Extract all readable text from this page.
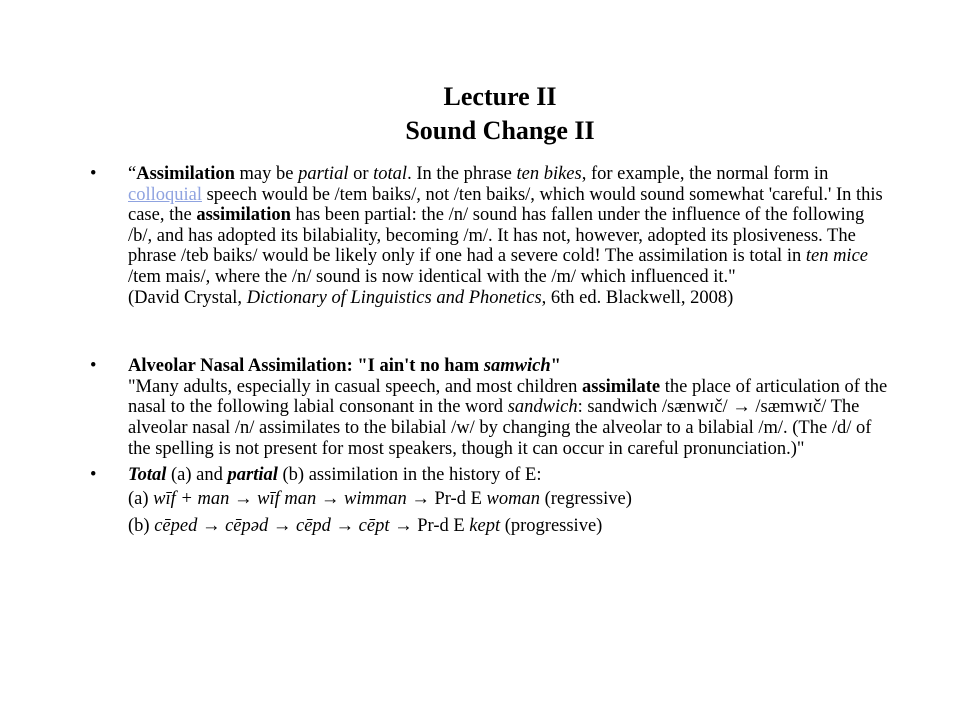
Lecture II
Sound Change II
• “Assimilation may be partial or total. In the phrase ten bikes, for example, the normal form in colloquial speech would be /tem baiks/, not /ten baiks/, which would sound somewhat 'careful.' In this case, the assimilation has been partial: the /n/ sound has fallen under the influence of the following /b/, and has adopted its bilabiality, becoming /m/. It has not, however, adopted its plosiveness. The phrase /teb baiks/ would be likely only if one had a severe cold! The assimilation is total in ten mice /tem mais/, where the /n/ sound is now identical with the /m/ which influenced it."

(David Crystal, Dictionary of Linguistics and Phonetics, 6th ed. Blackwell, 2008)

• Alveolar Nasal Assimilation: "I ain't no ham samwich"

"Many adults, especially in casual speech, and most children assimilate the place of articulation of the nasal to the following labial consonant in the word sandwich: sandwich /sænwɪč/ → /sæmwɪč/ The alveolar nasal /n/ assimilates to the bilabial /w/ by changing the alveolar to a bilabial /m/. (The /d/ of the spelling is not present for most speakers, though it can occur in careful pronunciation.)"

• Total (a) and partial (b) assimilation in the history of E:

(a) wīf + man → wīf man → wimman → Pr-d E woman (regressive)

(b) cēped → cēpəd → cēpd → cēpt → Pr-d E kept (progressive)
